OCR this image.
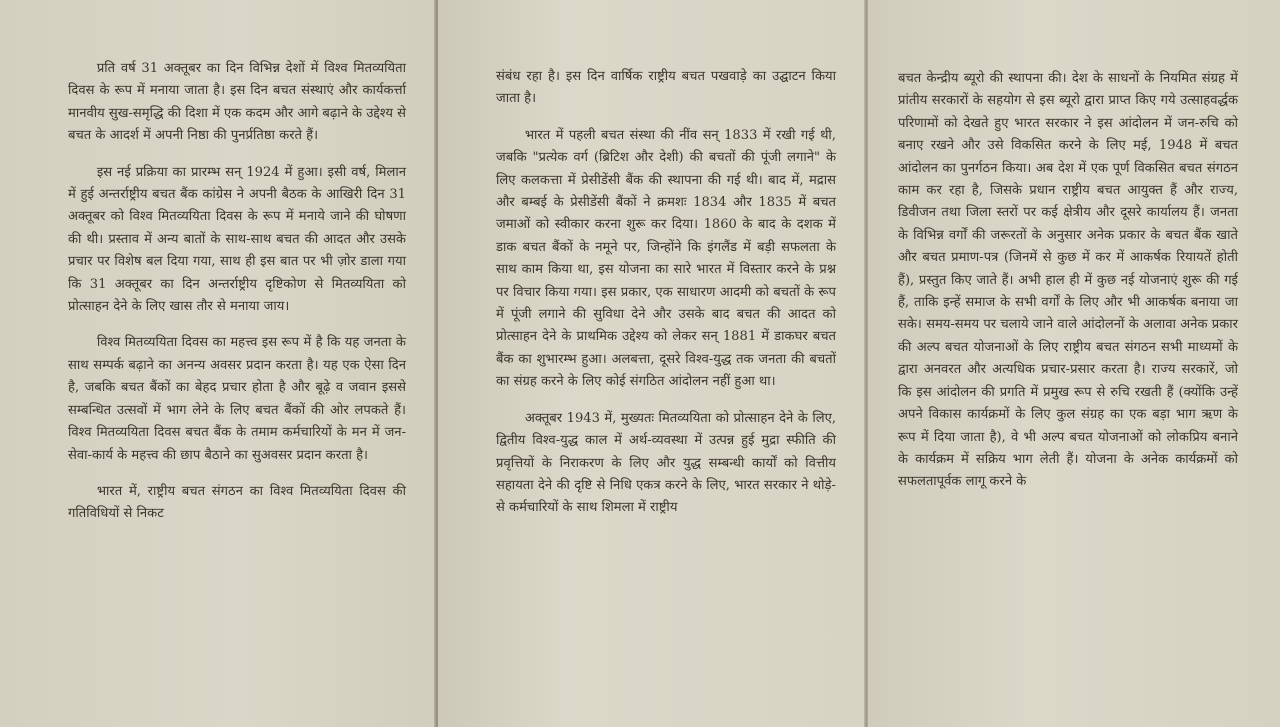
प्रति वर्ष 31 अक्तूबर का दिन विभिन्न देशों में विश्व मितव्ययिता दिवस के रूप में मनाया जाता है। इस दिन बचत संस्थाएं और कार्यकर्त्ता मानवीय सुख-समृद्धि की दिशा में एक कदम और आगे बढ़ाने के उद्देश्य से बचत के आदर्श में अपनी निष्ठा की पुनर्प्रतिष्ठा करते हैं।

इस नई प्रक्रिया का प्रारम्भ सन् 1924 में हुआ। इसी वर्ष, मिलान में हुई अन्तर्राष्ट्रीय बचत बैंक कांग्रेस ने अपनी बैठक के आखिरी दिन 31 अक्तूबर को विश्व मितव्ययिता दिवस के रूप में मनाये जाने की घोषणा की थी। प्रस्ताव में अन्य बातों के साथ-साथ बचत की आदत और उसके प्रचार पर विशेष बल दिया गया, साथ ही इस बात पर भी ज़ोर डाला गया कि 31 अक्तूबर का दिन अन्तर्राष्ट्रीय दृष्टिकोण से मितव्ययिता को प्रोत्साहन देने के लिए खास तौर से मनाया जाय।

विश्व मितव्ययिता दिवस का महत्त्व इस रूप में है कि यह जनता के साथ सम्पर्क बढ़ाने का अनन्य अवसर प्रदान करता है। यह एक ऐसा दिन है, जबकि बचत बैंकों का बेहद प्रचार होता है और बूढ़े व जवान इससे सम्बन्धित उत्सवों में भाग लेने के लिए बचत बैंकों की ओर लपकते हैं। विश्व मितव्ययिता दिवस बचत बैंक के तमाम कर्मचारियों के मन में जन-सेवा-कार्य के महत्त्व की छाप बैठाने का सुअवसर प्रदान करता है।

भारत में, राष्ट्रीय बचत संगठन का विश्व मितव्ययिता दिवस की गतिविधियों से निकट

संबंध रहा है। इस दिन वार्षिक राष्ट्रीय बचत पखवाड़े का उद्घाटन किया जाता है।

भारत में पहली बचत संस्था की नींव सन् 1833 में रखी गई थी, जबकि "प्रत्येक वर्ग (ब्रिटिश और देशी) की बचतों की पूंजी लगाने" के लिए कलकत्ता में प्रेसीडेंसी बैंक की स्थापना की गई थी। बाद में, मद्रास और बम्बई के प्रेसीडेंसी बैंकों ने क्रमशः 1834 और 1835 में बचत जमाओं को स्वीकार करना शुरू कर दिया। 1860 के बाद के दशक में डाक बचत बैंकों के नमूने पर, जिन्होंने कि इंगलैंड में बड़ी सफलता के साथ काम किया था, इस योजना का सारे भारत में विस्तार करने के प्रश्न पर विचार किया गया। इस प्रकार, एक साधारण आदमी को बचतों के रूप में पूंजी लगाने की सुविधा देने और उसके बाद बचत की आदत को प्रोत्साहन देने के प्राथमिक उद्देश्य को लेकर सन् 1881 में डाकघर बचत बैंक का शुभारम्भ हुआ। अलबत्ता, दूसरे विश्व-युद्ध तक जनता की बचतों का संग्रह करने के लिए कोई संगठित आंदोलन नहीं हुआ था।

अक्तूबर 1943 में, मुख्यतः मितव्ययिता को प्रोत्साहन देने के लिए, द्वितीय विश्व-युद्ध काल में अर्थ-व्यवस्था में उत्पन्न हुई मुद्रा स्फीति की प्रवृत्तियों के निराकरण के लिए और युद्ध सम्बन्धी कार्यों को वित्तीय सहायता देने की दृष्टि से निधि एकत्र करने के लिए, भारत सरकार ने थोड़े-से कर्मचारियों के साथ शिमला में राष्ट्रीय

बचत केन्द्रीय ब्यूरो की स्थापना की। देश के साधनों के नियमित संग्रह में प्रांतीय सरकारों के सहयोग से इस ब्यूरो द्वारा प्राप्त किए गये उत्साहवर्द्धक परिणामों को देखते हुए भारत सरकार ने इस आंदोलन में जन-रुचि को बनाए रखने और उसे विकसित करने के लिए मई, 1948 में बचत आंदोलन का पुनर्गठन किया। अब देश में एक पूर्ण विकसित बचत संगठन काम कर रहा है, जिसके प्रधान राष्ट्रीय बचत आयुक्त हैं और राज्य, डिवीजन तथा जिला स्तरों पर कई क्षेत्रीय और दूसरे कार्यालय हैं। जनता के विभिन्न वर्गों की जरूरतों के अनुसार अनेक प्रकार के बचत बैंक खाते और बचत प्रमाण-पत्र (जिनमें से कुछ में कर में आकर्षक रियायतें होती हैं), प्रस्तुत किए जाते हैं। अभी हाल ही में कुछ नई योजनाएं शुरू की गई हैं, ताकि इन्हें समाज के सभी वर्गों के लिए और भी आकर्षक बनाया जा सके। समय-समय पर चलाये जाने वाले आंदोलनों के अलावा अनेक प्रकार की अल्प बचत योजनाओं के लिए राष्ट्रीय बचत संगठन सभी माध्यमों के द्वारा अनवरत और अत्यधिक प्रचार-प्रसार करता है। राज्य सरकारें, जो कि इस आंदोलन की प्रगति में प्रमुख रूप से रुचि रखती हैं (क्योंकि उन्हें अपने विकास कार्यक्रमों के लिए कुल संग्रह का एक बड़ा भाग ऋण के रूप में दिया जाता है), वे भी अल्प बचत योजनाओं को लोकप्रिय बनाने के कार्यक्रम में सक्रिय भाग लेती हैं। योजना के अनेक कार्यक्रमों को सफलतापूर्वक लागू करने के
